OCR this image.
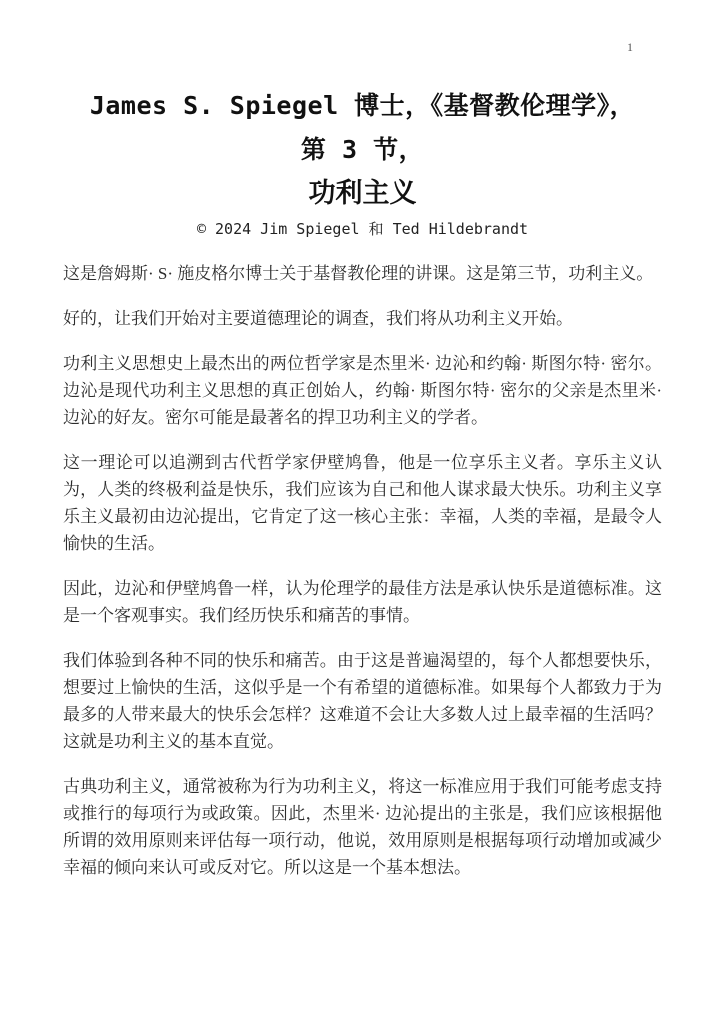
1
James S. Spiegel 博士，《基督教伦理学》，
第 3 节，
功利主义
© 2024 Jim Spiegel 和 Ted Hildebrandt

这是詹姆斯· S· 施皮格尔博士关于基督教伦理的讲课。这是第三节，功利主义。

好的，让我们开始对主要道德理论的调查，我们将从功利主义开始。

功利主义思想史上最杰出的两位哲学家是杰里米· 边沁和约翰· 斯图尔特· 密尔。边沁是现代功利主义思想的真正创始人，约翰· 斯图尔特· 密尔的父亲是杰里米· 边沁的好友。密尔可能是最著名的捍卫功利主义的学者。

这一理论可以追溯到古代哲学家伊壁鸠鲁，他是一位享乐主义者。享乐主义认为，人类的终极利益是快乐，我们应该为自己和他人谋求最大快乐。功利主义享乐主义最初由边沁提出，它肯定了这一核心主张：幸福，人类的幸福，是最令人愉快的生活。

因此，边沁和伊壁鸠鲁一样，认为伦理学的最佳方法是承认快乐是道德标准。这是一个客观事实。我们经历快乐和痛苦的事情。

我们体验到各种不同的快乐和痛苦。由于这是普遍渴望的，每个人都想要快乐，想要过上愉快的生活，这似乎是一个有希望的道德标准。如果每个人都致力于为最多的人带来最大的快乐会怎样？这难道不会让大多数人过上最幸福的生活吗？这就是功利主义的基本直觉。

古典功利主义，通常被称为行为功利主义，将这一标准应用于我们可能考虑支持或推行的每项行为或政策。因此，杰里米· 边沁提出的主张是，我们应该根据他所谓的效用原则来评估每一项行动，他说，效用原则是根据每项行动增加或减少幸福的倾向来认可或反对它。所以这是一个基本想法。
